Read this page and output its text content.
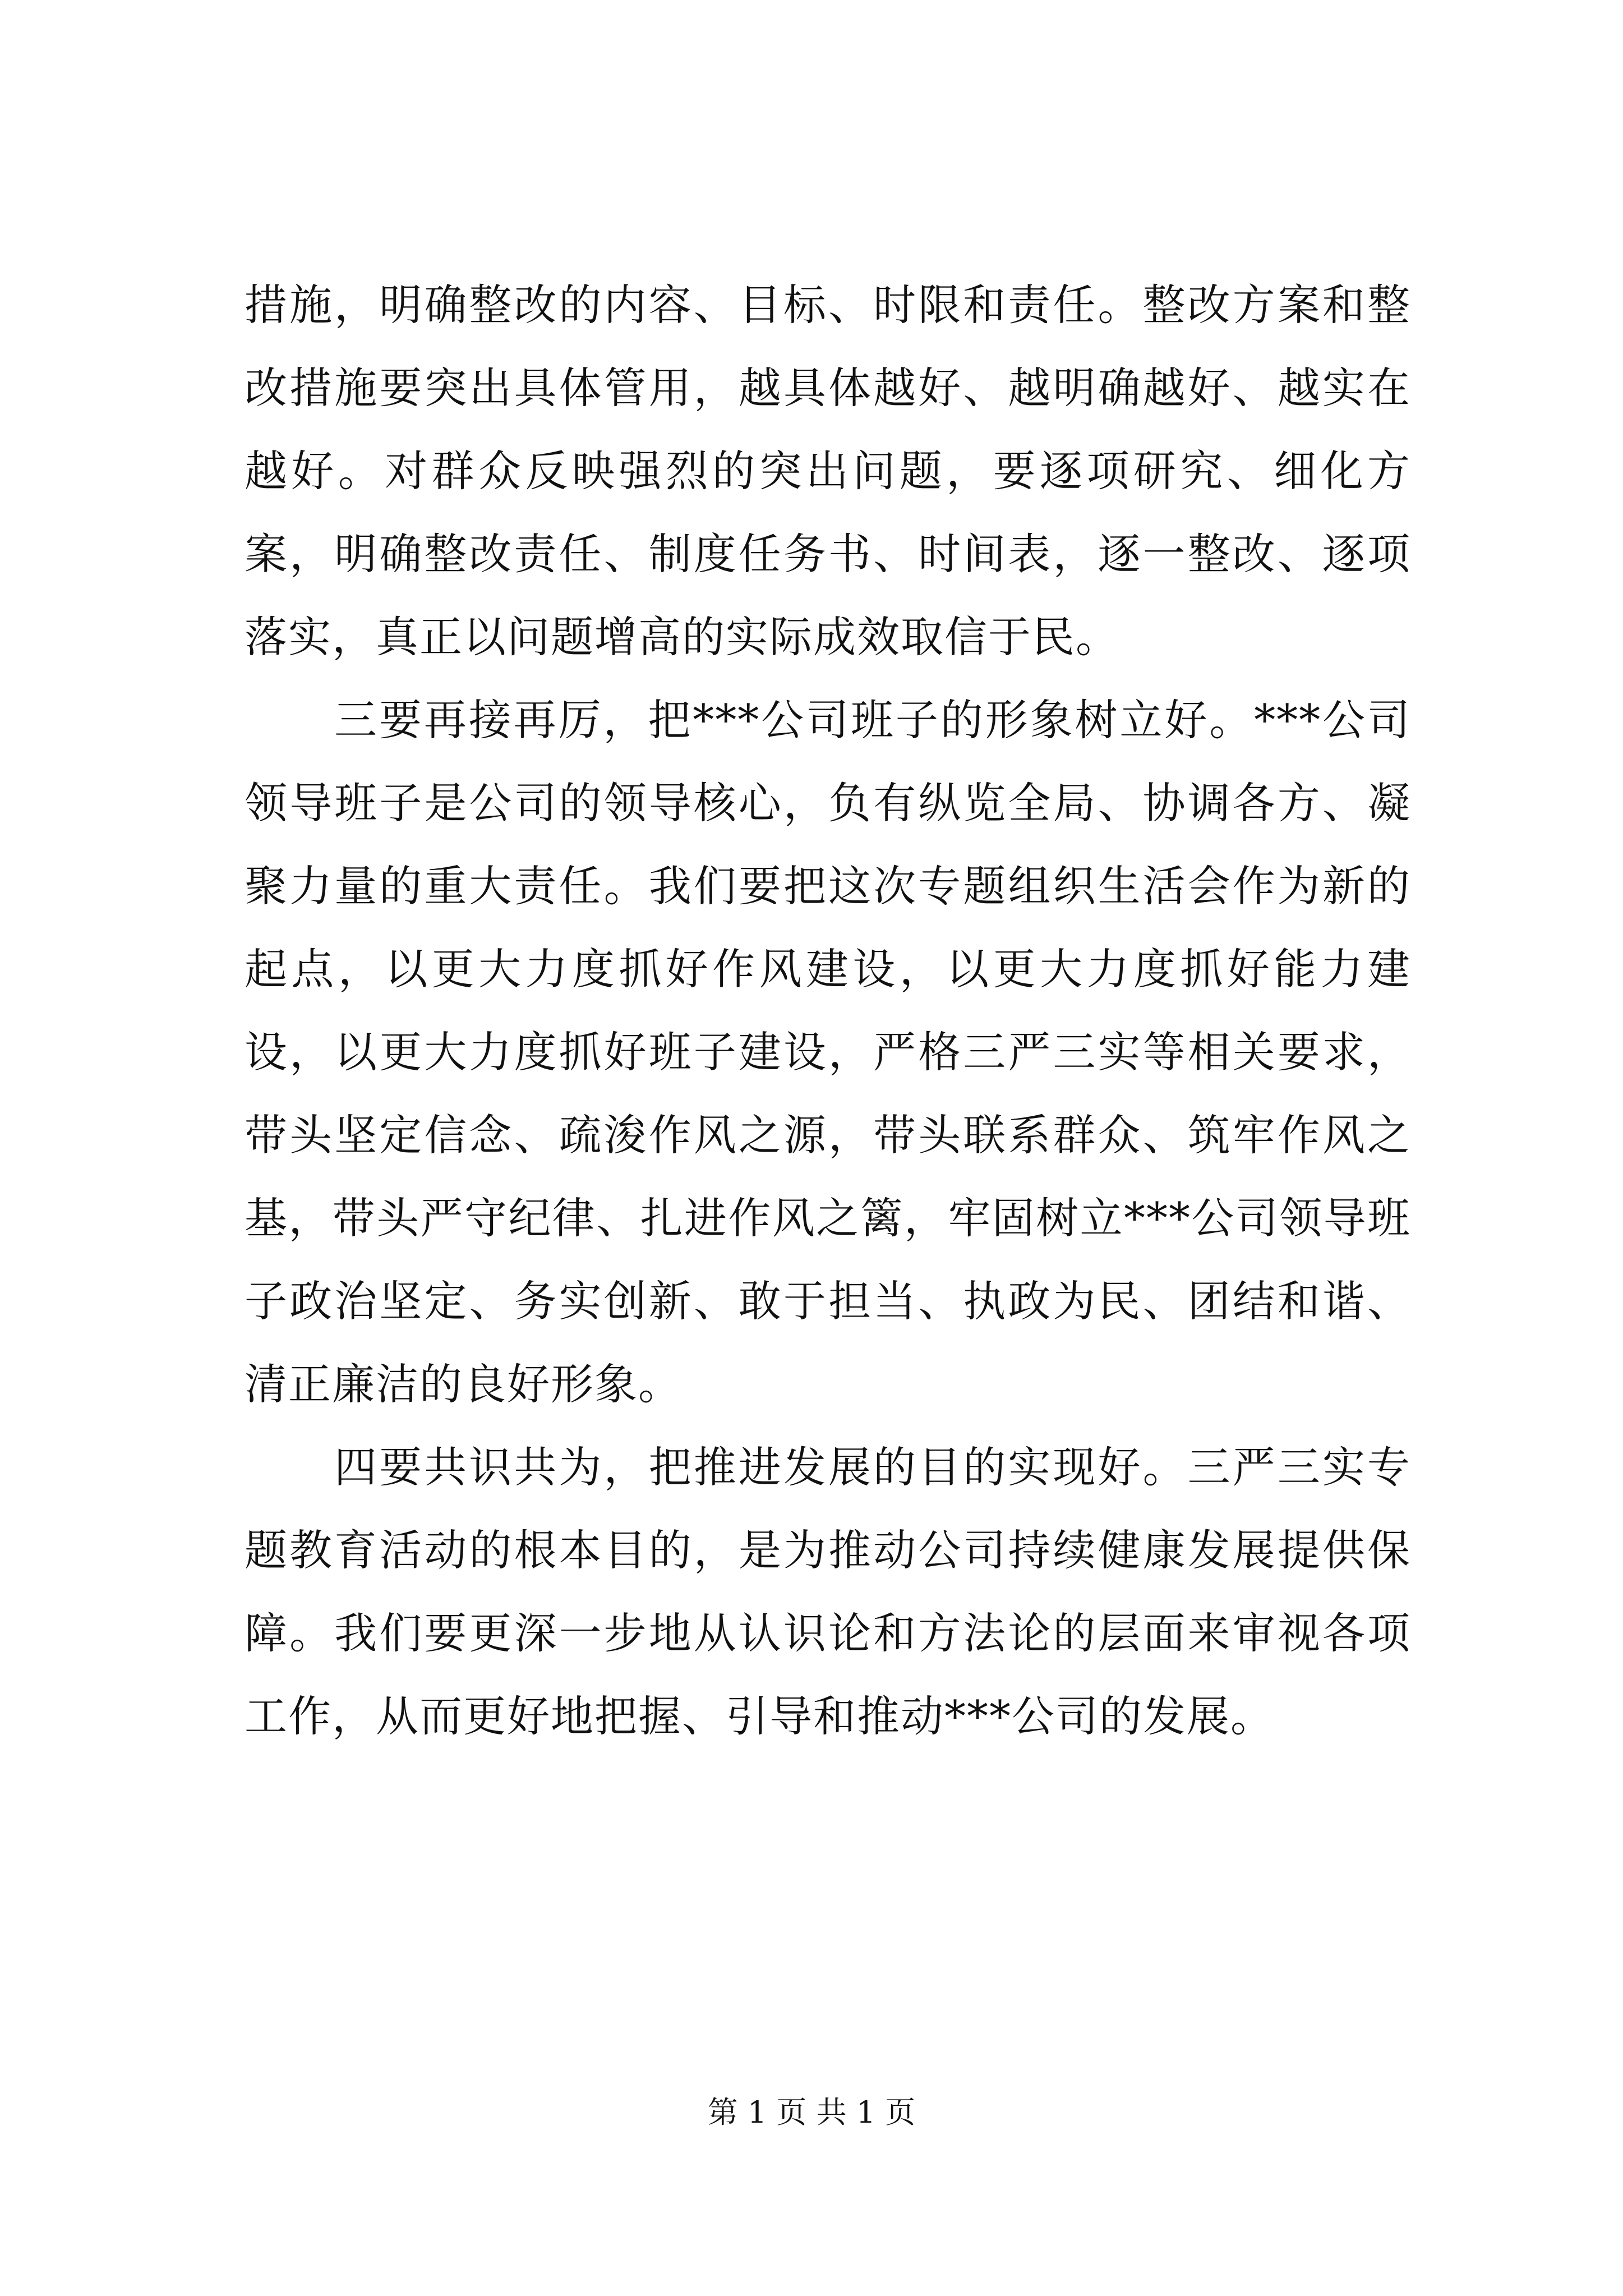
措施，明确整改的内容、目标、时限和责任。整改方案和整改措施要突出具体管用，越具体越好、越明确越好、越实在越好。对群众反映强烈的突出问题，要逐项研究、细化方案，明确整改责任、制度任务书、时间表，逐一整改、逐项落实，真正以问题增高的实际成效取信于民。

三要再接再厉，把***公司班子的形象树立好。***公司领导班子是公司的领导核心，负有纵览全局、协调各方、凝聚力量的重大责任。我们要把这次专题组织生活会作为新的起点，以更大力度抓好作风建设，以更大力度抓好能力建设，以更大力度抓好班子建设，严格三严三实等相关要求，带头坚定信念、疏浚作风之源，带头联系群众、筑牢作风之基，带头严守纪律、扎进作风之篱，牢固树立***公司领导班子政治坚定、务实创新、敢于担当、执政为民、团结和谐、清正廉洁的良好形象。

四要共识共为，把推进发展的目的实现好。三严三实专题教育活动的根本目的，是为推动公司持续健康发展提供保障。我们要更深一步地从认识论和方法论的层面来审视各项工作，从而更好地把握、引导和推动***公司的发展。

第 1 页 共 1 页
